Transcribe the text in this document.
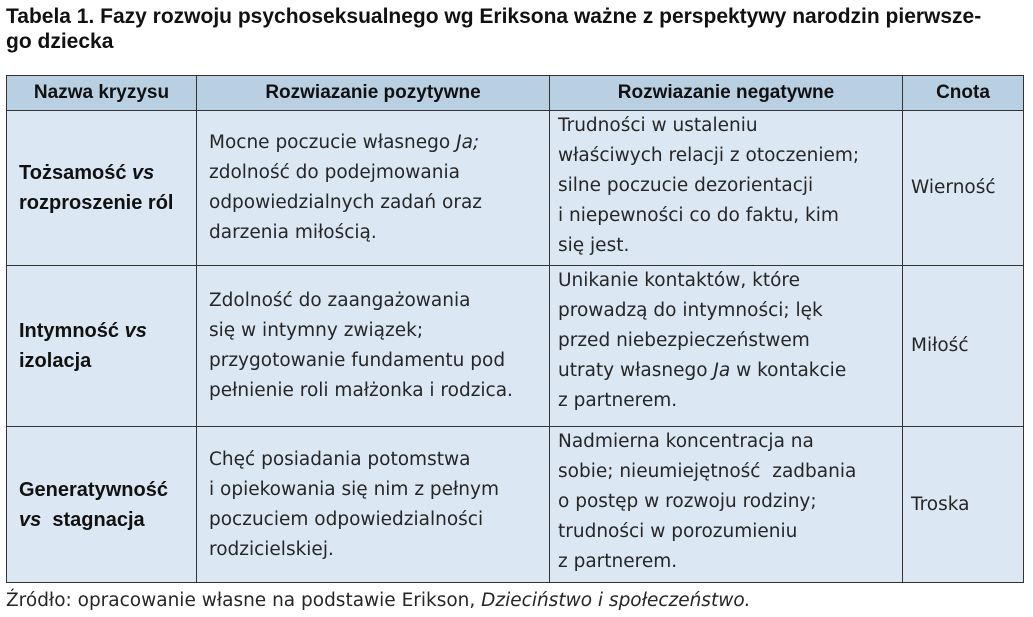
Tabela 1. Fazy rozwoju psychoseksualnego wg Eriksona ważne z perspektywy narodzin pierwsze-
go dziecka
Nazwa kryzysu	Rozwiazanie pozytywne	Rozwiazanie negatywne	Cnota
Tożsamość vs
rozproszenie ról	Mocne poczucie własnego Ja;
zdolność do podejmowania
odpowiedzialnych zadań oraz
darzenia miłością.	Trudności w ustaleniu
właściwych relacji z otoczeniem;
silne poczucie dezorientacji
i niepewności co do faktu, kim
się jest.	Wierność
Intymność vs
izolacja	Zdolność do zaangażowania
się w intymny związek;
przygotowanie fundamentu pod
pełnienie roli małżonka i rodzica.	Unikanie kontaktów, które
prowadzą do intymności; lęk
przed niebezpieczeństwem
utraty własnego Ja w kontakcie
z partnerem.	Miłość
Generatywność
vs  stagnacja	Chęć posiadania potomstwa
i opiekowania się nim z pełnym
poczuciem odpowiedzialności
rodzicielskiej.	Nadmierna koncentracja na
sobie; nieumiejętność  zadbania
o postęp w rozwoju rodziny;
trudności w porozumieniu
z partnerem.	Troska
Źródło: opracowanie własne na podstawie Erikson, Dzieciństwo i społeczeństwo.
